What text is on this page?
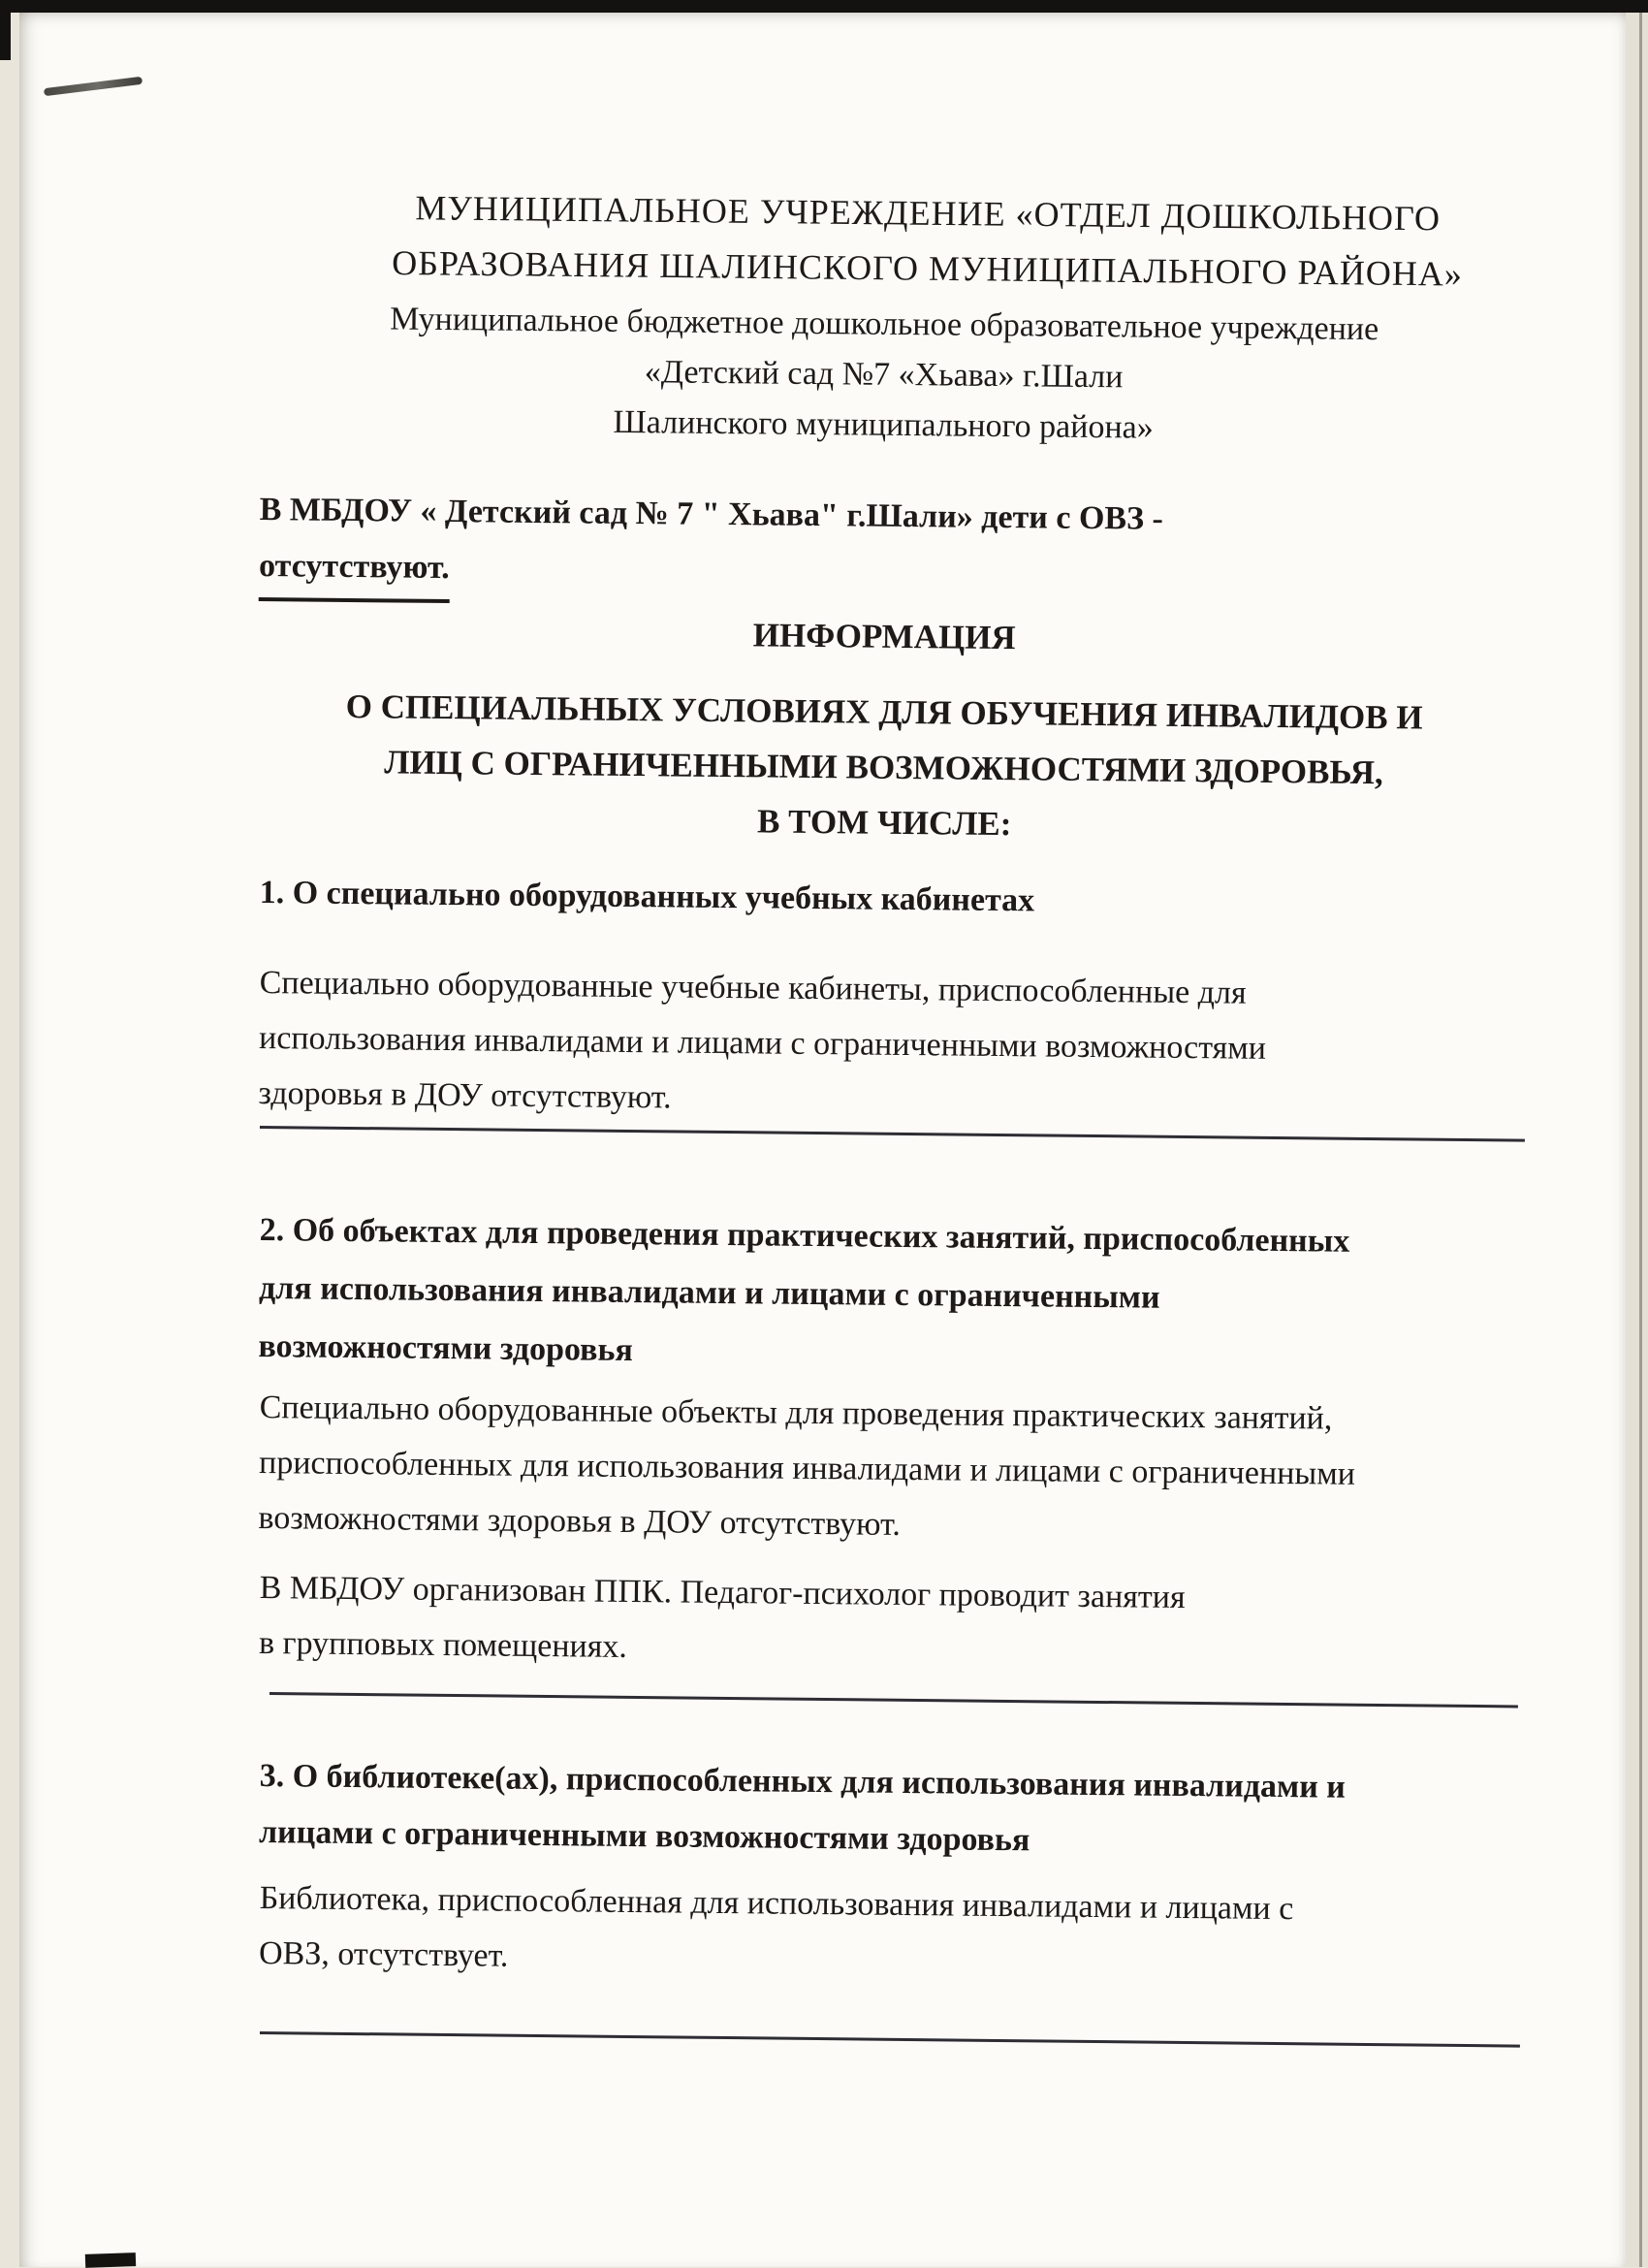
МУНИЦИПАЛЬНОЕ УЧРЕЖДЕНИЕ «ОТДЕЛ ДОШКОЛЬНОГО
ОБРАЗОВАНИЯ ШАЛИНСКОГО МУНИЦИПАЛЬНОГО РАЙОНА»
Муниципальное бюджетное дошкольное образовательное учреждение
«Детский сад №7 «Хьава» г.Шали
Шалинского муниципального района»
В МБДОУ « Детский сад № 7 " Хьава" г.Шали» дети с ОВЗ -
отсутствуют.
ИНФОРМАЦИЯ
О СПЕЦИАЛЬНЫХ УСЛОВИЯХ ДЛЯ ОБУЧЕНИЯ ИНВАЛИДОВ И
ЛИЦ С ОГРАНИЧЕННЫМИ ВОЗМОЖНОСТЯМИ ЗДОРОВЬЯ,
В ТОМ ЧИСЛЕ:
1. О специально оборудованных учебных кабинетах
Специально оборудованные учебные кабинеты, приспособленные для
использования инвалидами и лицами с ограниченными возможностями
здоровья в ДОУ отсутствуют.
2. Об объектах для проведения практических занятий, приспособленных
для использования инвалидами и лицами с ограниченными
возможностями здоровья
Специально оборудованные объекты для проведения практических занятий,
приспособленных для использования инвалидами и лицами с ограниченными
возможностями здоровья в ДОУ отсутствуют.
В МБДОУ организован ППК. Педагог-психолог проводит занятия
в групповых помещениях.
3. О библиотеке(ах), приспособленных для использования инвалидами и
лицами с ограниченными возможностями здоровья
Библиотека, приспособленная для использования инвалидами и лицами с
ОВЗ, отсутствует.
